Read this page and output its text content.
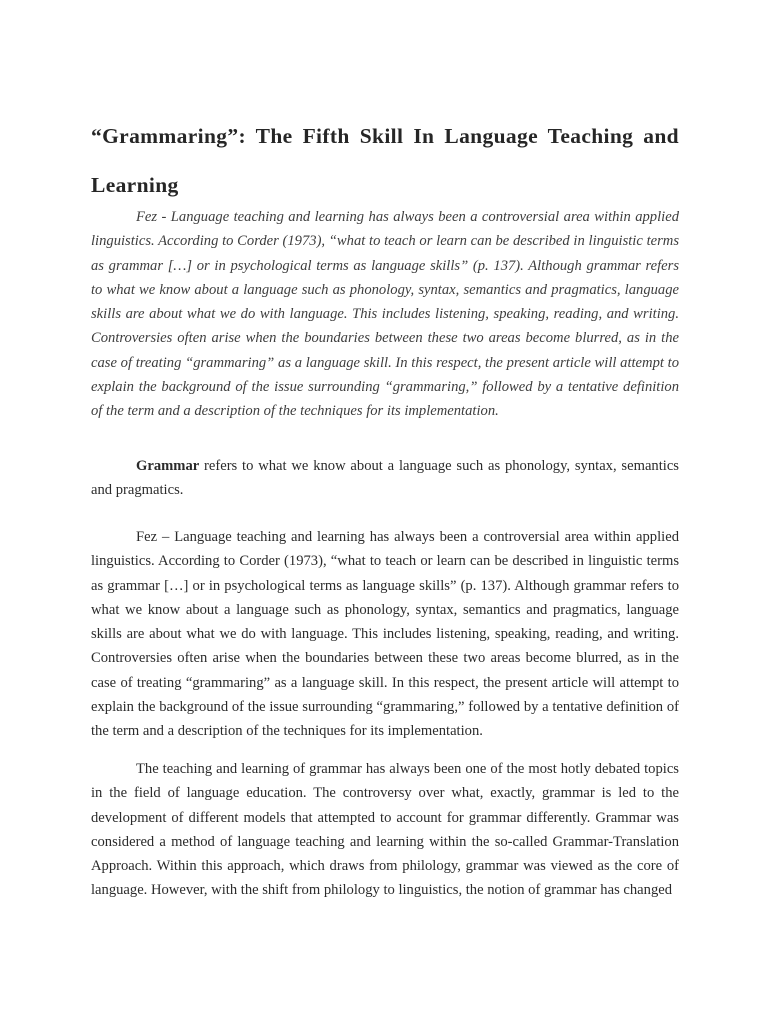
“Grammaring”: The Fifth Skill In Language Teaching and Learning

Fez - Language teaching and learning has always been a controversial area within applied linguistics. According to Corder (1973), “what to teach or learn can be described in linguistic terms as grammar […] or in psychological terms as language skills” (p. 137). Although grammar refers to what we know about a language such as phonology, syntax, semantics and pragmatics, language skills are about what we do with language. This includes listening, speaking, reading, and writing. Controversies often arise when the boundaries between these two areas become blurred, as in the case of treating “grammaring” as a language skill. In this respect, the present article will attempt to explain the background of the issue surrounding “grammaring,” followed by a tentative definition of the term and a description of the techniques for its implementation.

Grammar refers to what we know about a language such as phonology, syntax, semantics and pragmatics.

Fez – Language teaching and learning has always been a controversial area within applied linguistics. According to Corder (1973), “what to teach or learn can be described in linguistic terms as grammar […] or in psychological terms as language skills” (p. 137). Although grammar refers to what we know about a language such as phonology, syntax, semantics and pragmatics, language skills are about what we do with language. This includes listening, speaking, reading, and writing. Controversies often arise when the boundaries between these two areas become blurred, as in the case of treating “grammaring” as a language skill. In this respect, the present article will attempt to explain the background of the issue surrounding “grammaring,” followed by a tentative definition of the term and a description of the techniques for its implementation.

The teaching and learning of grammar has always been one of the most hotly debated topics in the field of language education. The controversy over what, exactly, grammar is led to the development of different models that attempted to account for grammar differently. Grammar was considered a method of language teaching and learning within the so-called Grammar-Translation Approach. Within this approach, which draws from philology, grammar was viewed as the core of language. However, with the shift from philology to linguistics, the notion of grammar has changed
